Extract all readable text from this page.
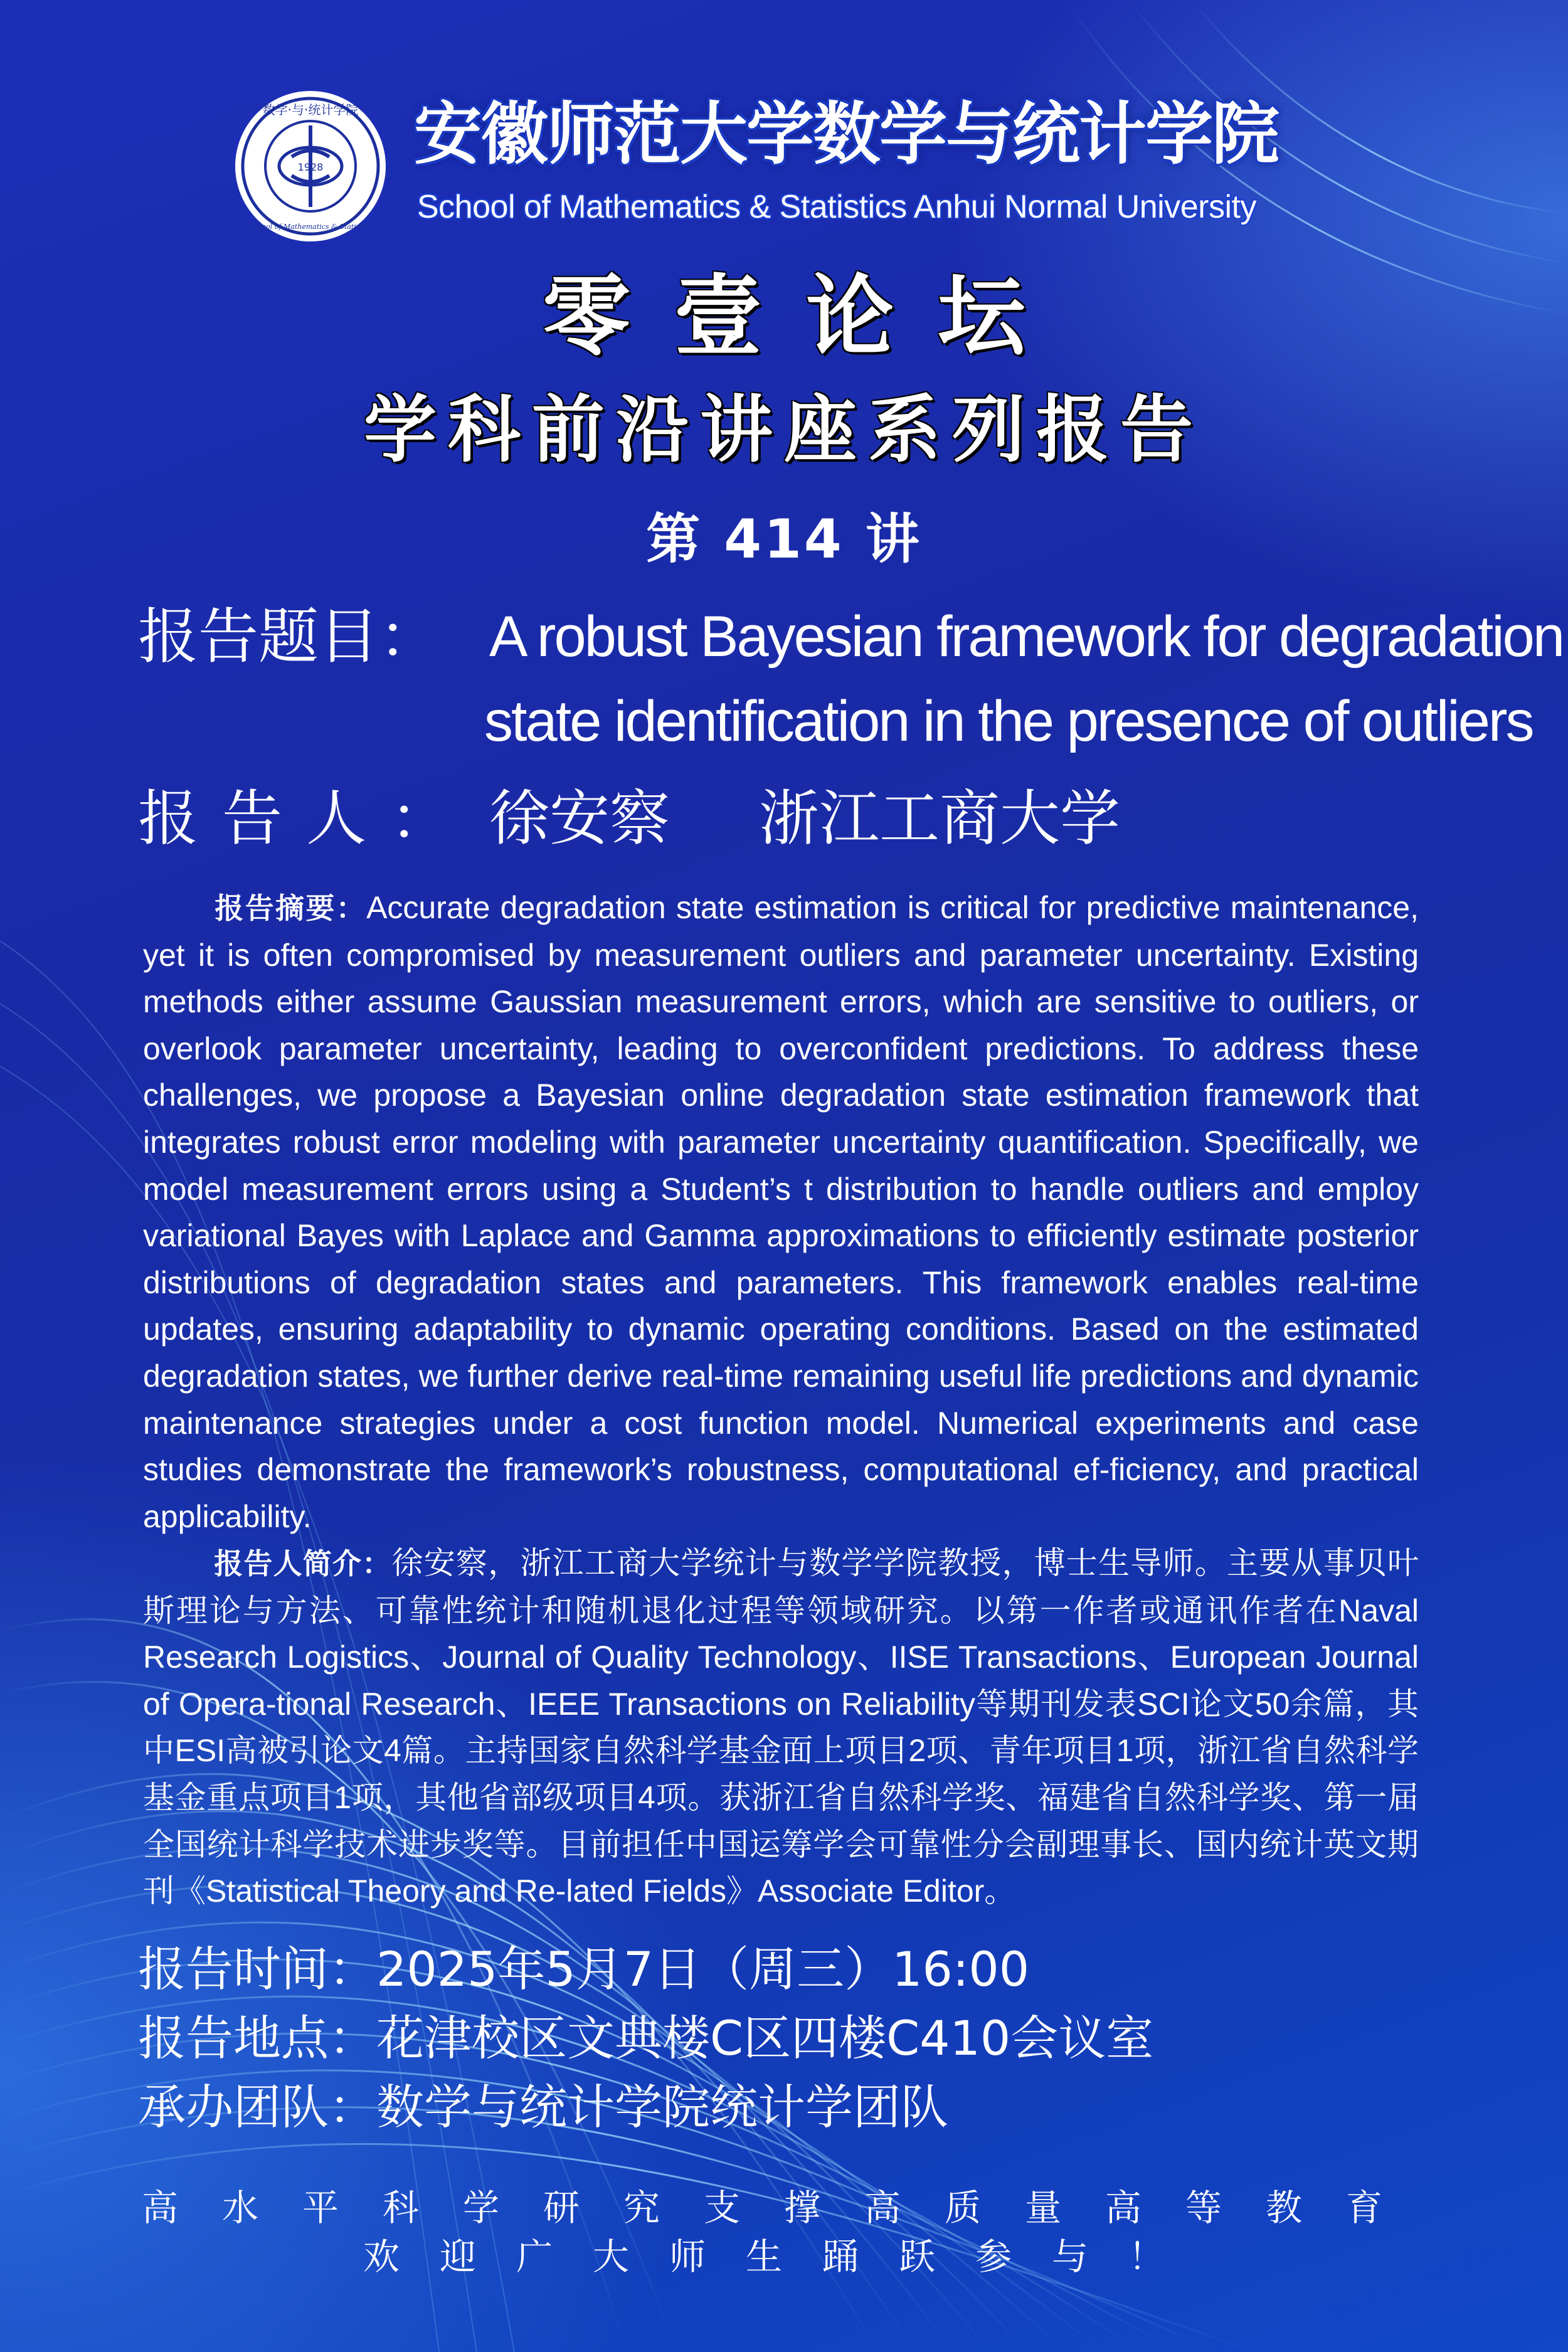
1928
数学·与·统计学院
School of Mathematics & Statistics
安徽师范大学数学与统计学院
School of Mathematics & Statistics Anhui Normal University
零壹论坛
学科前沿讲座系列报告
第 414 讲
报告题目： A robust Bayesian framework for degradation
state identification in the presence of outliers
报告人： 徐安察 浙江工商大学
报告摘要：Accurate degradation state estimation is critical for predictive maintenance, yet it is often compromised by measurement outliers and parameter uncertainty. Existing methods either assume Gaussian measurement errors, which are sensitive to outliers, or overlook parameter uncertainty, leading to overconfident predictions. To address these challenges, we propose a Bayesian online degradation state estimation framework that integrates robust error modeling with parameter uncertainty quantification. Specifically, we model measurement errors using a Student’s t distribution to handle outliers and employ variational Bayes with Laplace and Gamma approximations to efficiently estimate posterior distributions of degradation states and parameters. This framework enables real-time updates, ensuring adaptability to dynamic operating conditions. Based on the estimated degradation states, we further derive real-time remaining useful life predictions and dynamic maintenance strategies under a cost function model. Numerical experiments and case studies demonstrate the framework’s robustness, computational ef-ficiency, and practical applicability.
报告人简介：徐安察，浙江工商大学统计与数学学院教授，博士生导师。主要从事贝叶斯理论与方法、可靠性统计和随机退化过程等领域研究。以第一作者或通讯作者在Naval Research Logistics、Journal of Quality Technology、IISE Transactions、European Journal of Opera-tional Research、IEEE Transactions on Reliability等期刊发表SCI论文50余篇，其中ESI高被引论文4篇。主持国家自然科学基金面上项目2项、青年项目1项，浙江省自然科学基金重点项目1项，其他省部级项目4项。获浙江省自然科学奖、福建省自然科学奖、第一届全国统计科学技术进步奖等。目前担任中国运筹学会可靠性分会副理事长、国内统计英文期刊《Statistical Theory and Re-lated Fields》Associate Editor。
报告时间：2025年5月7日（周三）16:00
报告地点：花津校区文典楼C区四楼C410会议室
承办团队：数学与统计学院统计学团队
高水平科学研究支撑高质量高等教育
欢迎广大师生踊跃参与！
